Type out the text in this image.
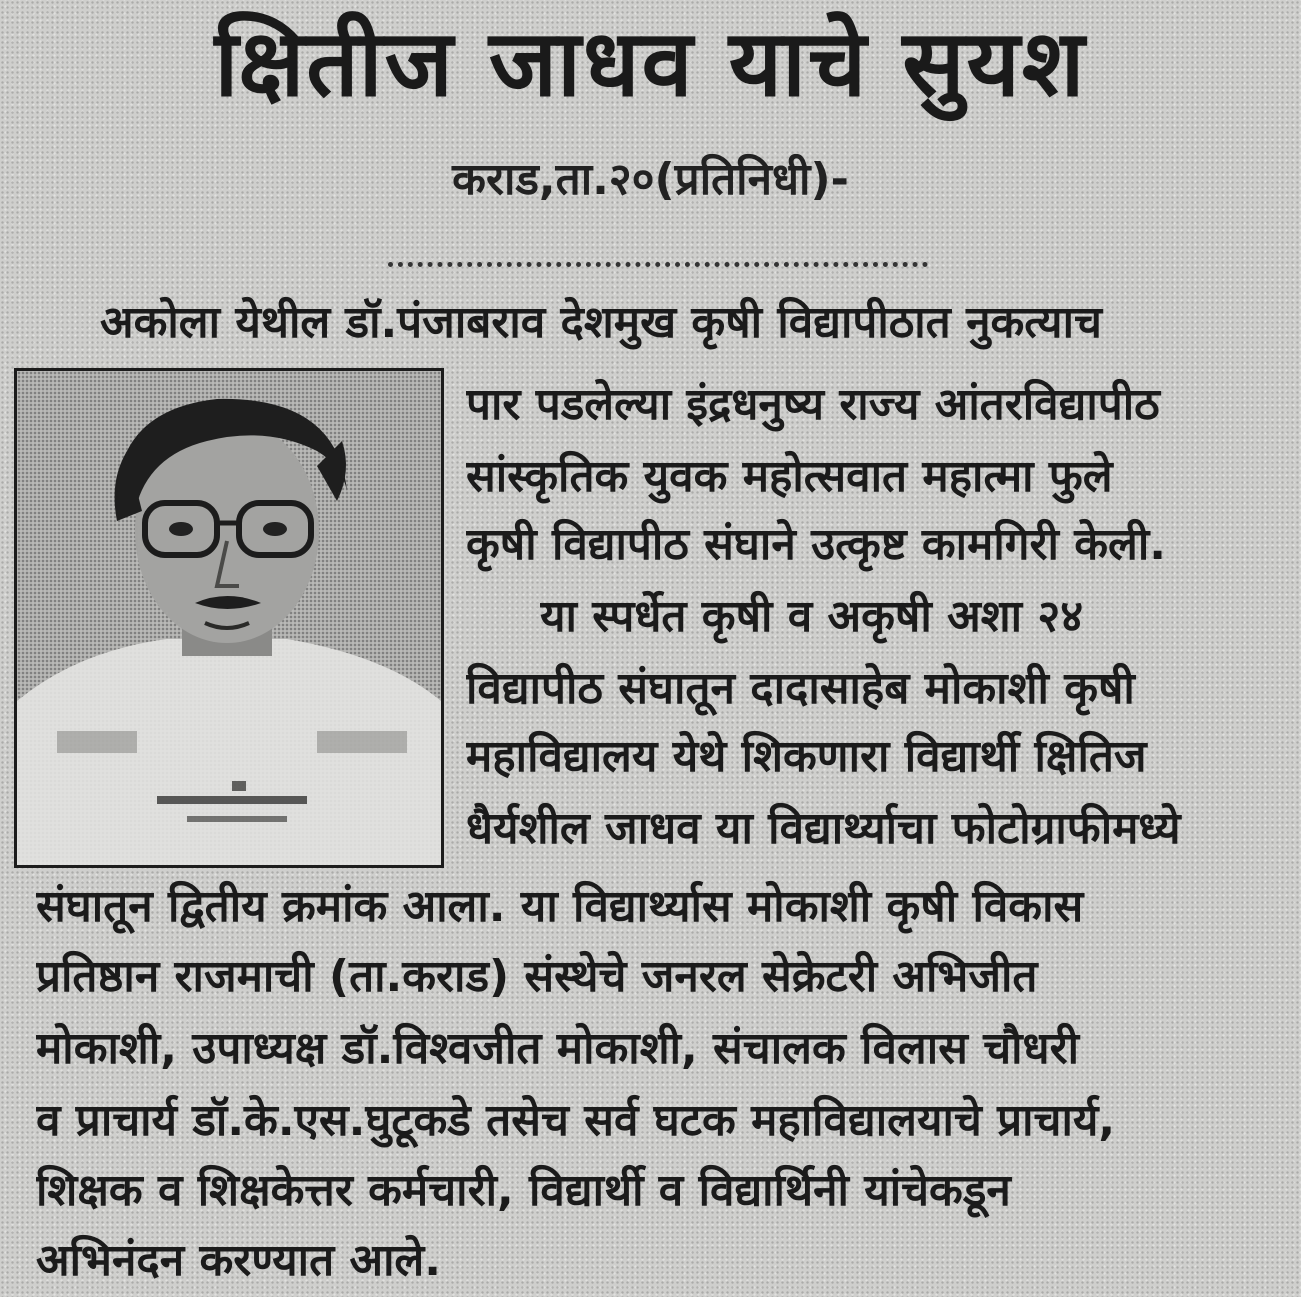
क्षितीज जाधव याचे सुयश
कराड,ता.२०(प्रतिनिधी)-
अकोला येथील डॉ.पंजाबराव देशमुख कृषी विद्यापीठात नुकत्याच
पार पडलेल्या इंद्रधनुष्य राज्य आंतरविद्यापीठ
सांस्कृतिक युवक महोत्सवात महात्मा फुले
कृषी विद्यापीठ संघाने उत्कृष्ट कामगिरी केली.
या स्पर्धेत कृषी व अकृषी अशा २४
विद्यापीठ संघातून दादासाहेब मोकाशी कृषी
महाविद्यालय येथे शिकणारा विद्यार्थी क्षितिज
धैर्यशील जाधव या विद्यार्थ्याचा फोटोग्राफीमध्ये
संघातून द्वितीय क्रमांक आला. या विद्यार्थ्यास मोकाशी कृषी विकास
प्रतिष्ठान राजमाची (ता.कराड) संस्थेचे जनरल सेक्रेटरी अभिजीत
मोकाशी, उपाध्यक्ष डॉ.विश्वजीत मोकाशी, संचालक विलास चौधरी
व प्राचार्य डॉ.के.एस.घुटूकडे तसेच सर्व घटक महाविद्यालयाचे प्राचार्य,
शिक्षक व शिक्षकेत्तर कर्मचारी, विद्यार्थी व विद्यार्थिनी यांचेकडून
अभिनंदन करण्यात आले.
